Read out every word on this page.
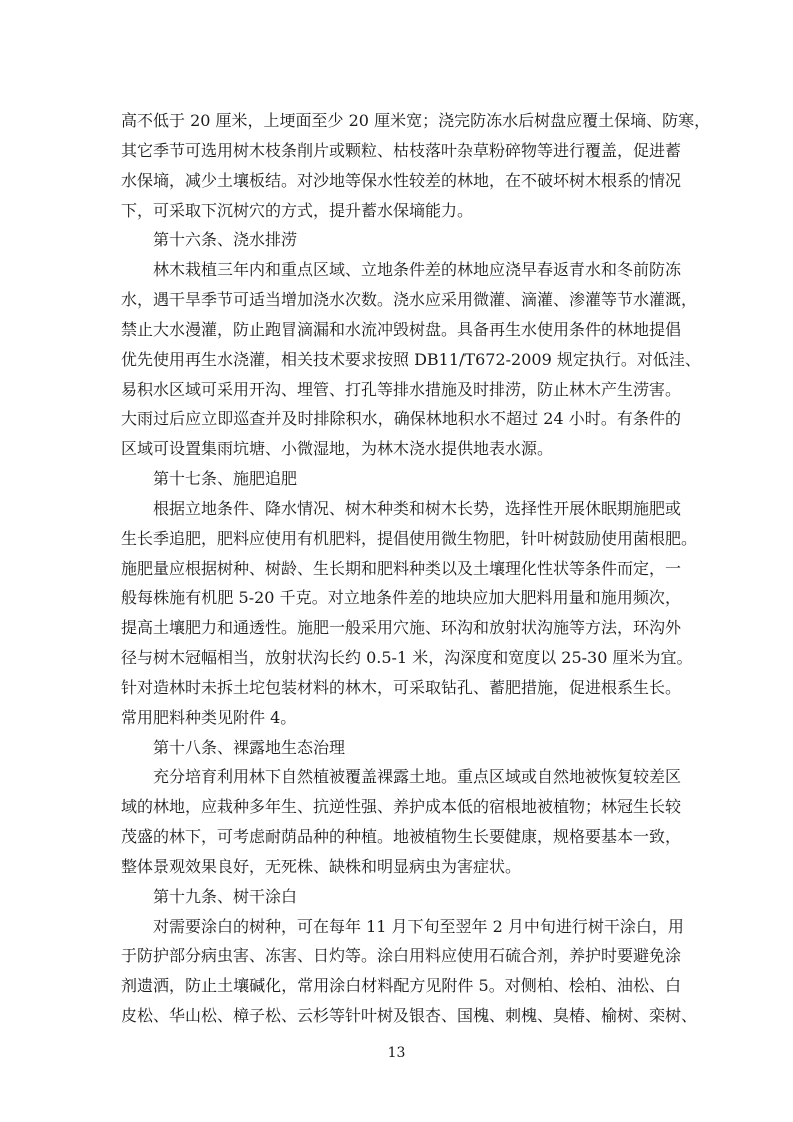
高不低于 20 厘米，上埂面至少 20 厘米宽；浇完防冻水后树盘应覆土保墒、防寒，
其它季节可选用树木枝条削片或颗粒、枯枝落叶杂草粉碎物等进行覆盖，促进蓄
水保墒，减少土壤板结。对沙地等保水性较差的林地，在不破坏树木根系的情况
下，可采取下沉树穴的方式，提升蓄水保墒能力。
第十六条、浇水排涝
林木栽植三年内和重点区域、立地条件差的林地应浇早春返青水和冬前防冻
水，遇干旱季节可适当增加浇水次数。浇水应采用微灌、滴灌、渗灌等节水灌溉，
禁止大水漫灌，防止跑冒滴漏和水流冲毁树盘。具备再生水使用条件的林地提倡
优先使用再生水浇灌，相关技术要求按照 DB11/T672-2009 规定执行。对低洼、
易积水区域可采用开沟、埋管、打孔等排水措施及时排涝，防止林木产生涝害。
大雨过后应立即巡查并及时排除积水，确保林地积水不超过 24 小时。有条件的
区域可设置集雨坑塘、小微湿地，为林木浇水提供地表水源。
第十七条、施肥追肥
根据立地条件、降水情况、树木种类和树木长势，选择性开展休眠期施肥或
生长季追肥，肥料应使用有机肥料，提倡使用微生物肥，针叶树鼓励使用菌根肥。
施肥量应根据树种、树龄、生长期和肥料种类以及土壤理化性状等条件而定，一
般每株施有机肥 5-20 千克。对立地条件差的地块应加大肥料用量和施用频次，
提高土壤肥力和通透性。施肥一般采用穴施、环沟和放射状沟施等方法，环沟外
径与树木冠幅相当，放射状沟长约 0.5-1 米，沟深度和宽度以 25-30 厘米为宜。
针对造林时未拆土坨包装材料的林木，可采取钻孔、蓄肥措施，促进根系生长。
常用肥料种类见附件 4。
第十八条、裸露地生态治理
充分培育利用林下自然植被覆盖裸露土地。重点区域或自然地被恢复较差区
域的林地，应栽种多年生、抗逆性强、养护成本低的宿根地被植物；林冠生长较
茂盛的林下，可考虑耐荫品种的种植。地被植物生长要健康，规格要基本一致，
整体景观效果良好，无死株、缺株和明显病虫为害症状。
第十九条、树干涂白
对需要涂白的树种，可在每年 11 月下旬至翌年 2 月中旬进行树干涂白，用
于防护部分病虫害、冻害、日灼等。涂白用料应使用石硫合剂，养护时要避免涂
剂遗洒，防止土壤碱化，常用涂白材料配方见附件 5。对侧柏、桧柏、油松、白
皮松、华山松、樟子松、云杉等针叶树及银杏、国槐、刺槐、臭椿、榆树、栾树、
13
